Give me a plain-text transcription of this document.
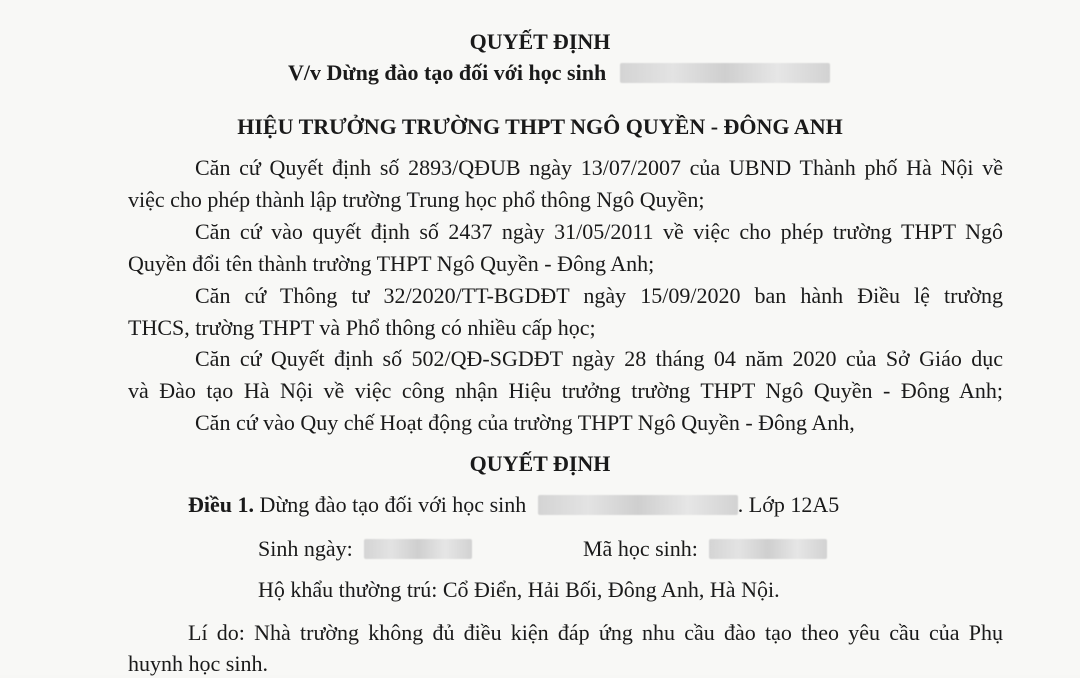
QUYẾT ĐỊNH
V/v Dừng đào tạo đối với học sinh
HIỆU TRƯỞNG TRƯỜNG THPT NGÔ QUYỀN - ĐÔNG ANH
Căn cứ Quyết định số 2893/QĐUB ngày 13/07/2007 của UBND Thành phố Hà Nội về
việc cho phép thành lập trường Trung học phổ thông Ngô Quyền;
Căn cứ vào quyết định số 2437 ngày 31/05/2011 về việc cho phép trường THPT Ngô
Quyền đổi tên thành trường THPT Ngô Quyền - Đông Anh;
Căn cứ Thông tư 32/2020/TT-BGDĐT ngày 15/09/2020 ban hành Điều lệ trường
THCS, trường THPT và Phổ thông có nhiều cấp học;
Căn cứ Quyết định số 502/QĐ-SGDĐT ngày 28 tháng 04 năm 2020 của Sở Giáo dục
và Đào tạo Hà Nội về việc công nhận Hiệu trưởng trường THPT Ngô Quyền - Đông Anh;
Căn cứ vào Quy chế Hoạt động của trường THPT Ngô Quyền - Đông Anh,
QUYẾT ĐỊNH
Điều 1. Dừng đào tạo đối với học sinh	. Lớp 12A5
Sinh ngày:	Mã học sinh:
Hộ khẩu thường trú: Cổ Điển, Hải Bối, Đông Anh, Hà Nội.
Lí do: Nhà trường không đủ điều kiện đáp ứng nhu cầu đào tạo theo yêu cầu của Phụ
huynh học sinh.
